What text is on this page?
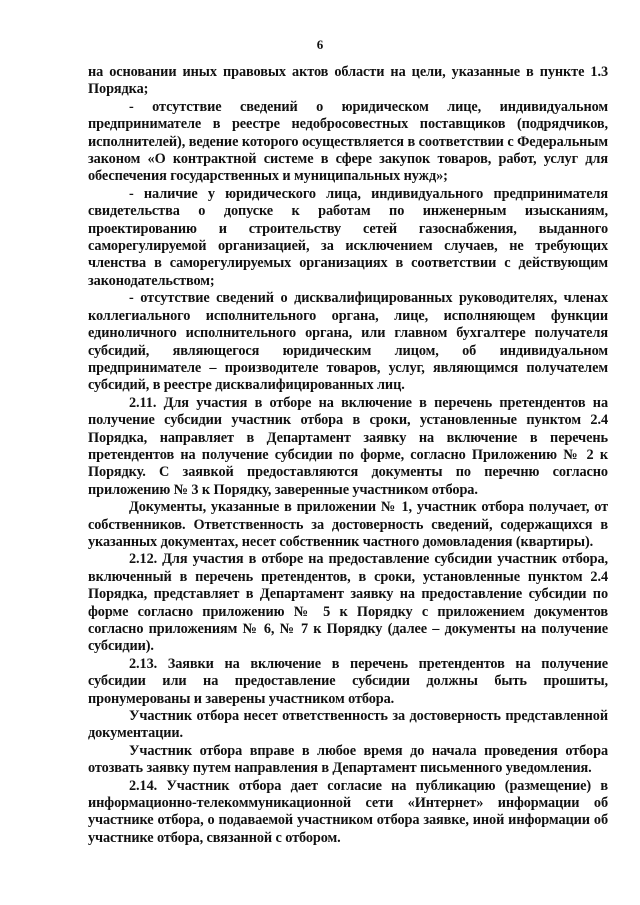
6

на основании иных правовых актов области на цели, указанные в пункте 1.3 Порядка;

- отсутствие сведений о юридическом лице, индивидуальном предпринимателе в реестре недобросовестных поставщиков (подрядчиков, исполнителей), ведение которого осуществляется в соответствии с Федеральным законом «О контрактной системе в сфере закупок товаров, работ, услуг для обеспечения государственных и муниципальных нужд»;

- наличие у юридического лица, индивидуального предпринимателя свидетельства о допуске к работам по инженерным изысканиям, проектированию и строительству сетей газоснабжения, выданного саморегулируемой организацией, за исключением случаев, не требующих членства в саморегулируемых организациях в соответствии с действующим законодательством;

- отсутствие сведений о дисквалифицированных руководителях, членах коллегиального исполнительного органа, лице, исполняющем функции единоличного исполнительного органа, или главном бухгалтере получателя субсидий, являющегося юридическим лицом, об индивидуальном предпринимателе – производителе товаров, услуг, являющимся получателем субсидий, в реестре дисквалифицированных лиц.

2.11. Для участия в отборе на включение в перечень претендентов на получение субсидии участник отбора в сроки, установленные пунктом 2.4 Порядка, направляет в Департамент заявку на включение в перечень претендентов на получение субсидии по форме, согласно Приложению № 2 к Порядку. С заявкой предоставляются документы по перечню согласно приложению № 3 к Порядку, заверенные участником отбора.

Документы, указанные в приложении № 1, участник отбора получает, от собственников. Ответственность за достоверность сведений, содержащихся в указанных документах, несет собственник частного домовладения (квартиры).

2.12. Для участия в отборе на предоставление субсидии участник отбора, включенный в перечень претендентов, в сроки, установленные пунктом 2.4 Порядка, представляет в Департамент заявку на предоставление субсидии по форме согласно приложению № 5 к Порядку с приложением документов согласно приложениям № 6, № 7 к Порядку (далее – документы на получение субсидии).

2.13. Заявки на включение в перечень претендентов на получение субсидии или на предоставление субсидии должны быть прошиты, пронумерованы и заверены участником отбора.

Участник отбора несет ответственность за достоверность представленной документации.

Участник отбора вправе в любое время до начала проведения отбора отозвать заявку путем направления в Департамент письменного уведомления.

2.14. Участник отбора дает согласие на публикацию (размещение) в информационно-телекоммуникационной сети «Интернет» информации об участнике отбора, о подаваемой участником отбора заявке, иной информации об участнике отбора, связанной с отбором.
